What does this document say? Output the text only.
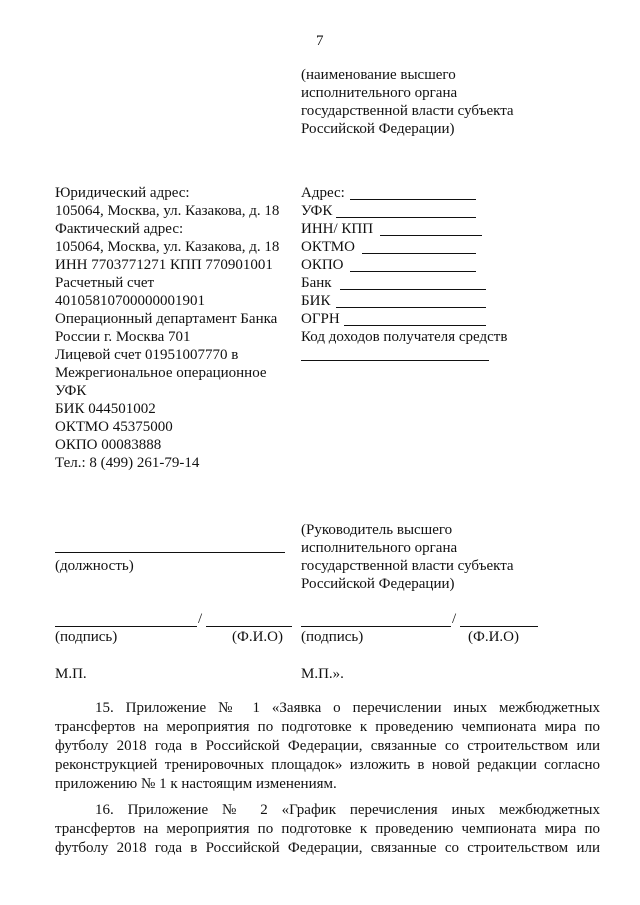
7
(наименование высшего
исполнительного органа
государственной власти субъекта
Российской Федерации)
Юридический адрес:
105064, Москва, ул. Казакова, д. 18
Фактический адрес:
105064, Москва, ул. Казакова, д. 18
ИНН 7703771271 КПП 770901001
Расчетный счет
40105810700000001901
Операционный департамент Банка
России г. Москва 701
Лицевой счет 01951007770 в
Межрегиональное операционное
УФК
БИК 044501002
ОКТМО 45375000
ОКПО 00083888
Тел.: 8 (499) 261-79-14
Адрес:
УФК
ИНН/ КПП
ОКТМО
ОКПО
Банк
БИК
ОГРН
Код доходов получателя средств
(Руководитель высшего
исполнительного органа
государственной власти субъекта
Российской Федерации)
(должность)
/
(подпись)	(Ф.И.О)
/
(подпись)	(Ф.И.О)
М.П.	М.П.».
15. Приложение № 1 «Заявка о перечислении иных межбюджетных
трансфертов на мероприятия по подготовке к проведению чемпионата мира по футболу 2018 года в Российской Федерации, связанные со строительством или реконструкцией тренировочных площадок» изложить в новой редакции согласно приложению № 1 к настоящим изменениям.
16. Приложение № 2 «График перечисления иных межбюджетных
трансфертов на мероприятия по подготовке к проведению чемпионата мира по футболу 2018 года в Российской Федерации, связанные со строительством или
